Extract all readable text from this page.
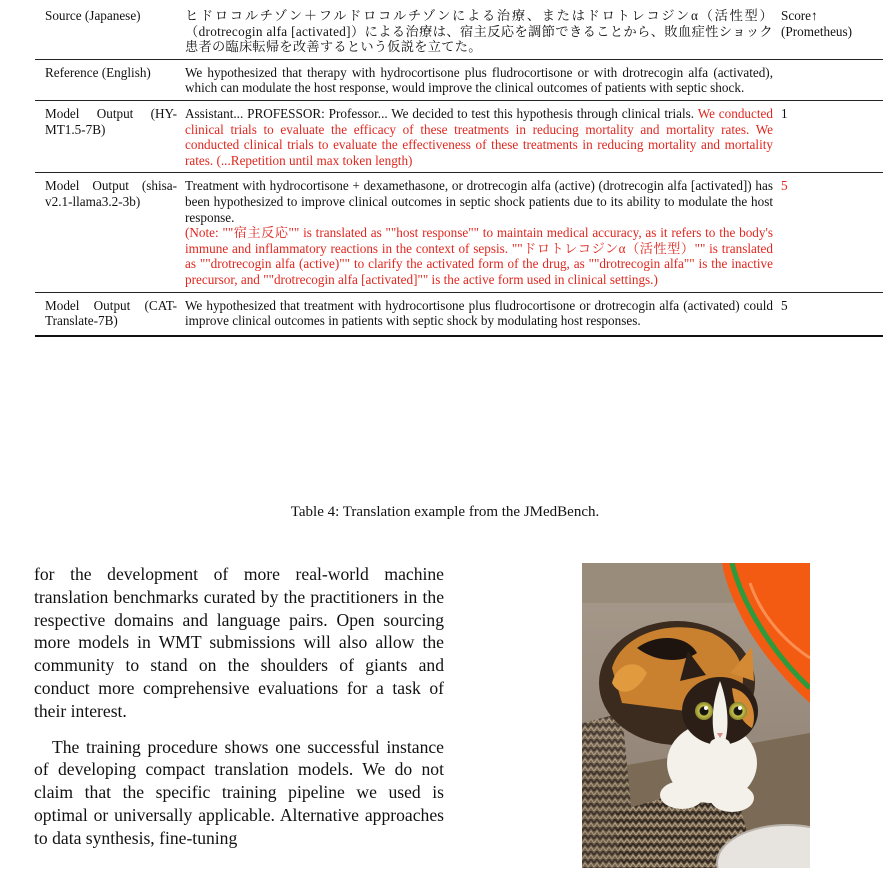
Source (Japanese)	ヒドロコルチゾン＋フルドロコルチゾンによる治療、またはドロトレコジンα（活性型）（drotrecogin alfa [activated]）による治療は、宿主反応を調節できることから、敗血症性ショック患者の臨床転帰を改善するという仮説を立てた。	Score↑ (Prometheus)
Reference (English)	We hypothesized that therapy with hydrocortisone plus fludrocortisone or with drotrecogin alfa (activated), which can modulate the host response, would improve the clinical outcomes of patients with septic shock.	
Model Output (HY-MT1.5-7B)	Assistant... PROFESSOR: Professor... We decided to test this hypothesis through clinical trials. We conducted clinical trials to evaluate the efficacy of these treatments in reducing mortality and mortality rates. We conducted clinical trials to evaluate the effectiveness of these treatments in reducing mortality and mortality rates. (...Repetition until max token length)	1
Model Output (shisa-v2.1-llama3.2-3b)	Treatment with hydrocortisone + dexamethasone, or drotrecogin alfa (active) (drotrecogin alfa [activated]) has been hypothesized to improve clinical outcomes in septic shock patients due to its ability to modulate the host response.
(Note: ""宿主反応"" is translated as ""host response"" to maintain medical accuracy, as it refers to the body's immune and inflammatory reactions in the context of sepsis. ""ドロトレコジンα（活性型）"" is translated as ""drotrecogin alfa (active)"" to clarify the activated form of the drug, as ""drotrecogin alfa"" is the inactive precursor, and ""drotrecogin alfa [activated]"" is the active form used in clinical settings.)	5
Model Output (CAT-Translate-7B)	We hypothesized that treatment with hydrocortisone plus fludrocortisone or drotrecogin alfa (activated) could improve clinical outcomes in patients with septic shock by modulating host responses.	5
Table 4: Translation example from the JMedBench.

for the development of more real-world machine translation benchmarks curated by the practitioners in the respective domains and language pairs. Open sourcing more models in WMT submissions will also allow the community to stand on the shoulders of giants and conduct more comprehensive evaluations for a task of their interest.

The training procedure shows one successful instance of developing compact translation models. We do not claim that the specific training pipeline we used is optimal or universally applicable. Alternative approaches to data synthesis, fine-tuning
